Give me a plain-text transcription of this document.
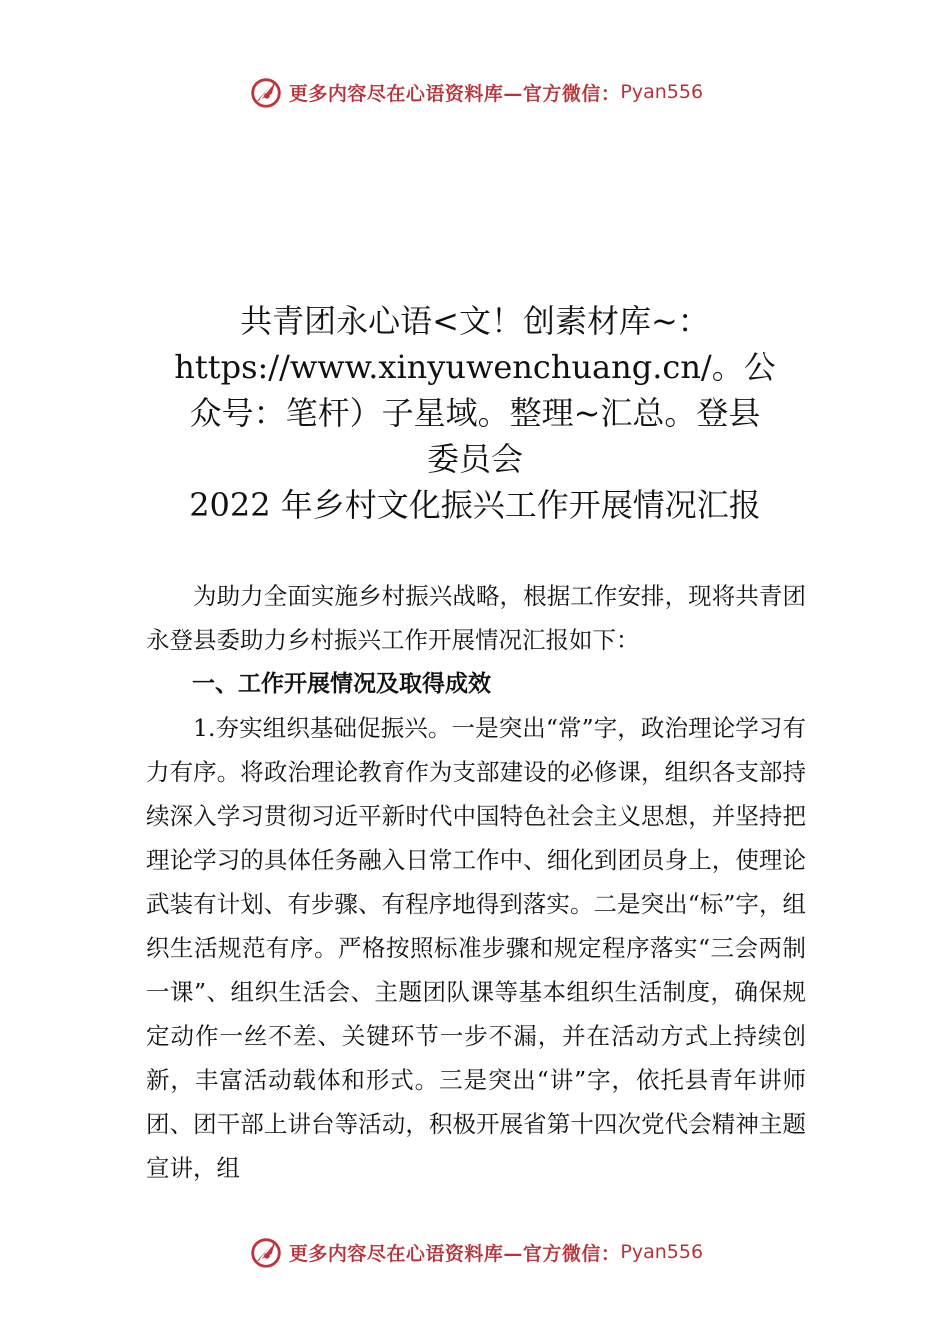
更多内容尽在心语资料库—官方微信： Pyan556
共青团永心语<文！创素材库~：
https://www.xinyuwenchuang.cn/。公
众号：笔杆）子星域。整理~汇总。登县
委员会
2022 年乡村文化振兴工作开展情况汇报

为助力全面实施乡村振兴战略，根据工作安排，现将共青团永登县委助力乡村振兴工作开展情况汇报如下：

一、工作开展情况及取得成效

1.夯实组织基础促振兴。一是突出“常”字，政治理论学习有力有序。将政治理论教育作为支部建设的必修课，组织各支部持续深入学习贯彻习近平新时代中国特色社会主义思想，并坚持把理论学习的具体任务融入日常工作中、细化到团员身上，使理论武装有计划、有步骤、有程序地得到落实。二是突出“标”字，组织生活规范有序。严格按照标准步骤和规定程序落实“三会两制一课”、组织生活会、主题团队课等基本组织生活制度，确保规定动作一丝不差、关键环节一步不漏，并在活动方式上持续创新，丰富活动载体和形式。三是突出“讲”字，依托县青年讲师团、团干部上讲台等活动，积极开展省第十四次党代会精神主题宣讲，组

更多内容尽在心语资料库—官方微信： Pyan556
